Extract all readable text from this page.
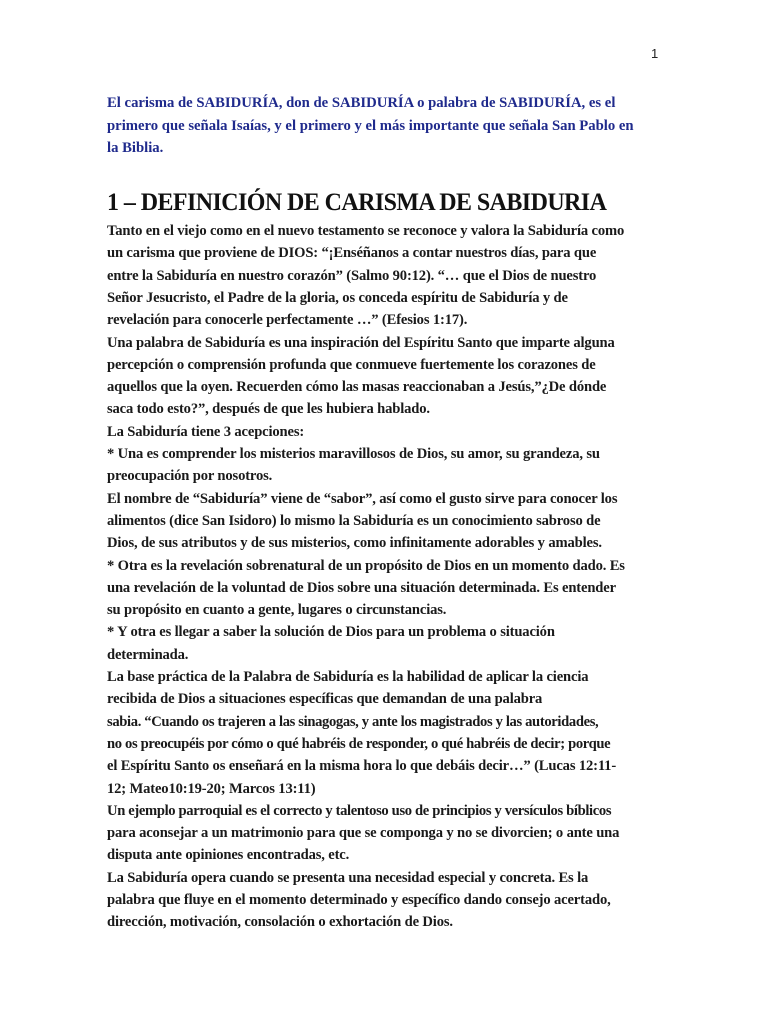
1

El carisma de SABIDURÍA, don de SABIDURÍA o palabra de SABIDURÍA, es el
primero que señala Isaías, y el primero y el más importante que señala San Pablo en
la Biblia.

1 – DEFINICIÓN DE CARISMA DE SABIDURIA
Tanto en el viejo como en el nuevo testamento se reconoce y valora la Sabiduría como
un carisma que proviene de DIOS: “¡Enséñanos a contar nuestros días, para que
entre la Sabiduría en nuestro corazón” (Salmo 90:12). “… que el Dios de nuestro
Señor Jesucristo, el Padre de la gloria, os conceda espíritu de Sabiduría y de
revelación para conocerle perfectamente …” (Efesios 1:17).
Una palabra de Sabiduría es una inspiración del Espíritu Santo que imparte alguna
percepción o comprensión profunda que conmueve fuertemente los corazones de
aquellos que la oyen. Recuerden cómo las masas reaccionaban a Jesús,”¿De dónde
saca todo esto?”, después de que les hubiera hablado.
La Sabiduría tiene 3 acepciones:
* Una es comprender los misterios maravillosos de Dios, su amor, su grandeza, su
preocupación por nosotros.
El nombre de “Sabiduría” viene de “sabor”, así como el gusto sirve para conocer los
alimentos (dice San Isidoro) lo mismo la Sabiduría es un conocimiento sabroso de
Dios, de sus atributos y de sus misterios, como infinitamente adorables y amables.
* Otra es la revelación sobrenatural de un propósito de Dios en un momento dado. Es
una revelación de la voluntad de Dios sobre una situación determinada. Es entender
su propósito en cuanto a gente, lugares o circunstancias.
* Y otra es llegar a saber la solución de Dios para un problema o situación
determinada.
La base práctica de la Palabra de Sabiduría es la habilidad de aplicar la ciencia
recibida de Dios a situaciones específicas que demandan de una palabra
sabia. “Cuando os trajeren a las sinagogas, y ante los magistrados y las autoridades,
no os preocupéis por cómo o qué habréis de responder, o qué habréis de decir; porque
el Espíritu Santo os enseñará en la misma hora lo que debáis decir…” (Lucas 12:11-
12; Mateo10:19-20; Marcos 13:11)
Un ejemplo parroquial es el correcto y talentoso uso de principios y versículos bíblicos
para aconsejar a un matrimonio para que se componga y no se divorcien; o ante una
disputa ante opiniones encontradas, etc.
La Sabiduría opera cuando se presenta una necesidad especial y concreta. Es la
palabra que fluye en el momento determinado y específico dando consejo acertado,
dirección, motivación, consolación o exhortación de Dios.
